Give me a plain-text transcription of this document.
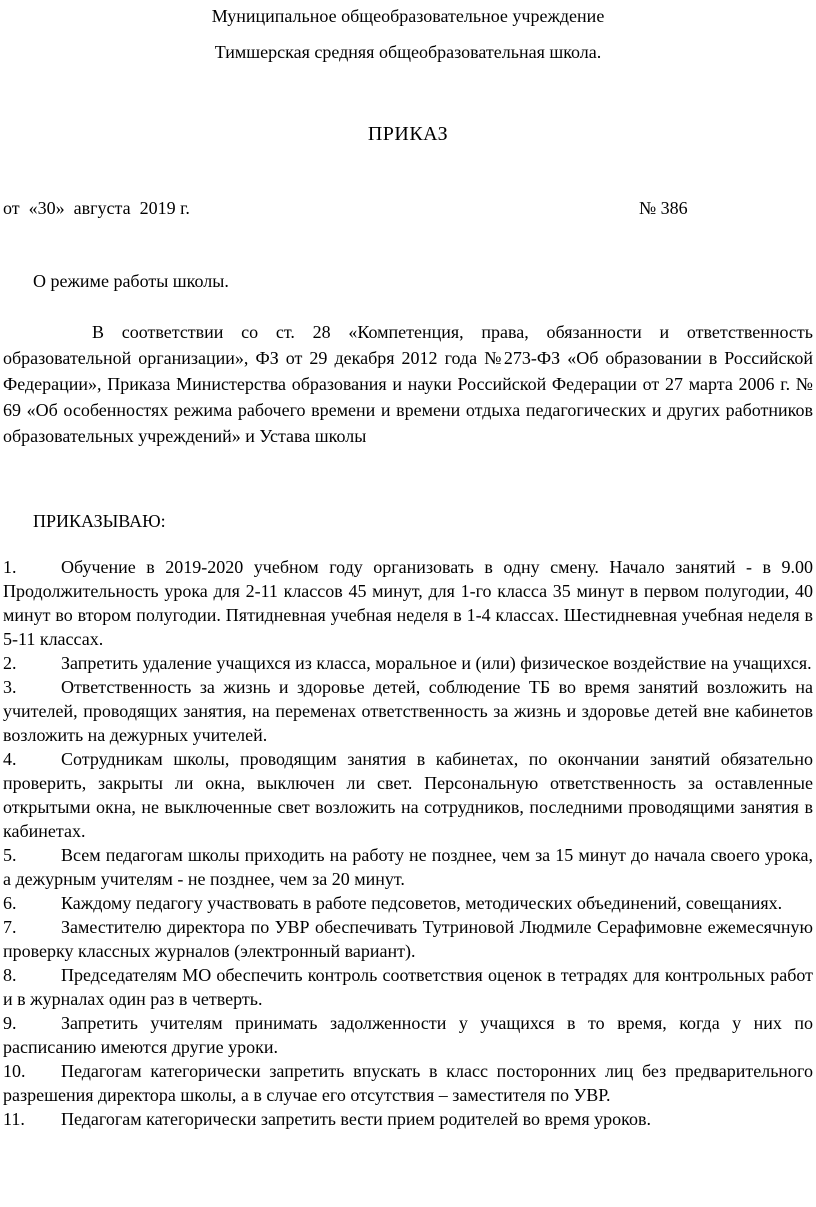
Муниципальное общеобразовательное учреждение
Тимшерская средняя общеобразовательная школа.
ПРИКАЗ
от  «30»  августа  2019 г.	№ 386
О режиме работы школы.
В соответствии со ст. 28 «Компетенция, права, обязанности и ответственность образовательной организации», ФЗ от 29 декабря 2012 года №273-ФЗ «Об образовании в Российской Федерации», Приказа Министерства образования и науки Российской Федерации от 27 марта 2006 г. № 69 «Об особенностях режима рабочего времени и времени отдыха педагогических и других работников образовательных учреждений» и Устава школы
ПРИКАЗЫВАЮ:
1. Обучение в 2019-2020 учебном году организовать в одну смену. Начало занятий - в 9.00 Продолжительность урока для 2-11 классов 45 минут, для 1-го класса 35 минут в первом полугодии, 40 минут во втором полугодии. Пятидневная учебная неделя в 1-4 классах. Шестидневная учебная неделя в 5-11 классах.
2. Запретить удаление учащихся из класса, моральное и (или) физическое воздействие на учащихся.
3. Ответственность за жизнь и здоровье детей, соблюдение ТБ во время занятий возложить на учителей, проводящих занятия, на переменах ответственность за жизнь и здоровье детей вне кабинетов возложить на дежурных учителей.
4. Сотрудникам школы, проводящим занятия в кабинетах, по окончании занятий обязательно проверить, закрыты ли окна, выключен ли свет. Персональную ответственность за оставленные открытыми окна, не выключенные свет возложить на сотрудников, последними проводящими занятия в кабинетах.
5. Всем педагогам школы приходить на работу не позднее, чем за 15 минут до начала своего урока, а дежурным учителям - не позднее, чем за 20 минут.
6. Каждому педагогу участвовать в работе педсоветов, методических объединений, совещаниях.
7. Заместителю директора по УВР обеспечивать Тутриновой Людмиле Серафимовне ежемесячную проверку классных журналов (электронный вариант).
8. Председателям МО обеспечить контроль соответствия оценок в тетрадях для контрольных работ и в журналах один раз в четверть.
9. Запретить учителям принимать задолженности у учащихся в то время, когда у них по расписанию имеются другие уроки.
10. Педагогам категорически запретить впускать в класс посторонних лиц без предварительного разрешения директора школы, а в случае его отсутствия – заместителя по УВР.
11. Педагогам категорически запретить вести прием родителей во время уроков.
